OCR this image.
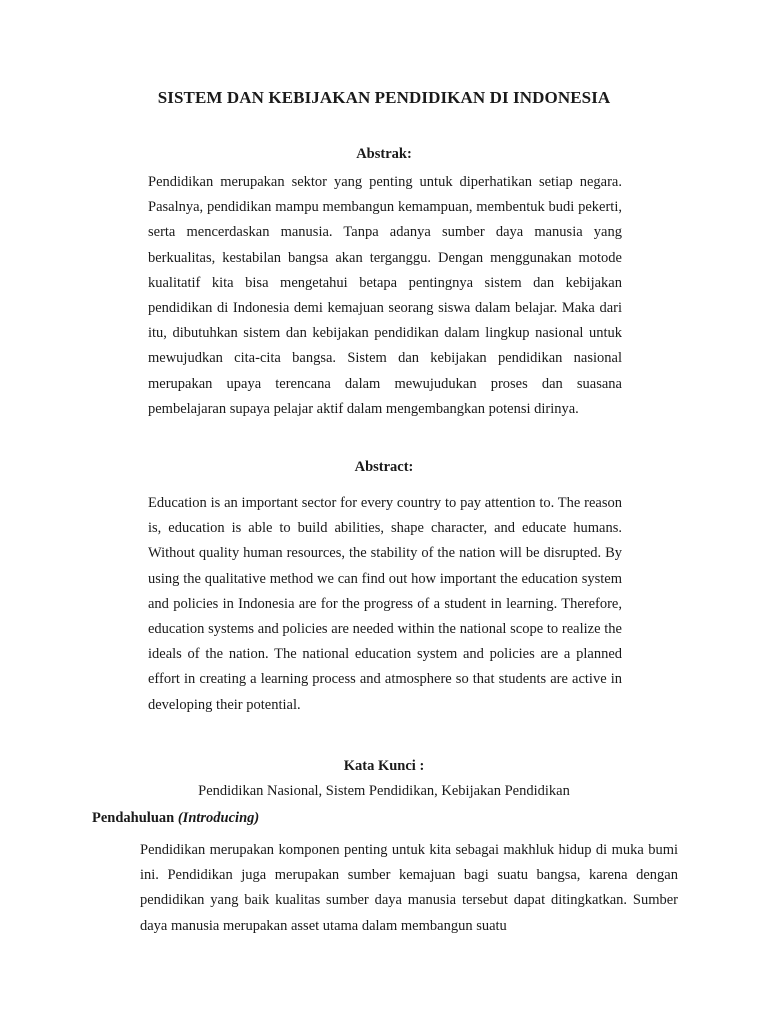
SISTEM DAN KEBIJAKAN PENDIDIKAN DI INDONESIA
Abstrak:

Pendidikan merupakan sektor yang penting untuk diperhatikan setiap negara. Pasalnya, pendidikan mampu membangun kemampuan, membentuk budi pekerti, serta mencerdaskan manusia. Tanpa adanya sumber daya manusia yang berkualitas, kestabilan bangsa akan terganggu. Dengan menggunakan motode kualitatif kita bisa mengetahui betapa pentingnya sistem dan kebijakan pendidikan di Indonesia demi kemajuan seorang siswa dalam belajar. Maka dari itu, dibutuhkan sistem dan kebijakan pendidikan dalam lingkup nasional untuk mewujudkan cita-cita bangsa. Sistem dan kebijakan pendidikan nasional merupakan upaya terencana dalam mewujudukan proses dan suasana pembelajaran supaya pelajar aktif dalam mengembangkan potensi dirinya.

Abstract:

Education is an important sector for every country to pay attention to. The reason is, education is able to build abilities, shape character, and educate humans. Without quality human resources, the stability of the nation will be disrupted. By using the qualitative method we can find out how important the education system and policies in Indonesia are for the progress of a student in learning. Therefore, education systems and policies are needed within the national scope to realize the ideals of the nation. The national education system and policies are a planned effort in creating a learning process and atmosphere so that students are active in developing their potential.

Kata Kunci :
Pendidikan Nasional, Sistem Pendidikan, Kebijakan Pendidikan
Pendahuluan (Introducing)

Pendidikan merupakan komponen penting untuk kita sebagai makhluk hidup di muka bumi ini. Pendidikan juga merupakan sumber kemajuan bagi suatu bangsa, karena dengan pendidikan yang baik kualitas sumber daya manusia tersebut dapat ditingkatkan. Sumber daya manusia merupakan asset utama dalam membangun suatu
